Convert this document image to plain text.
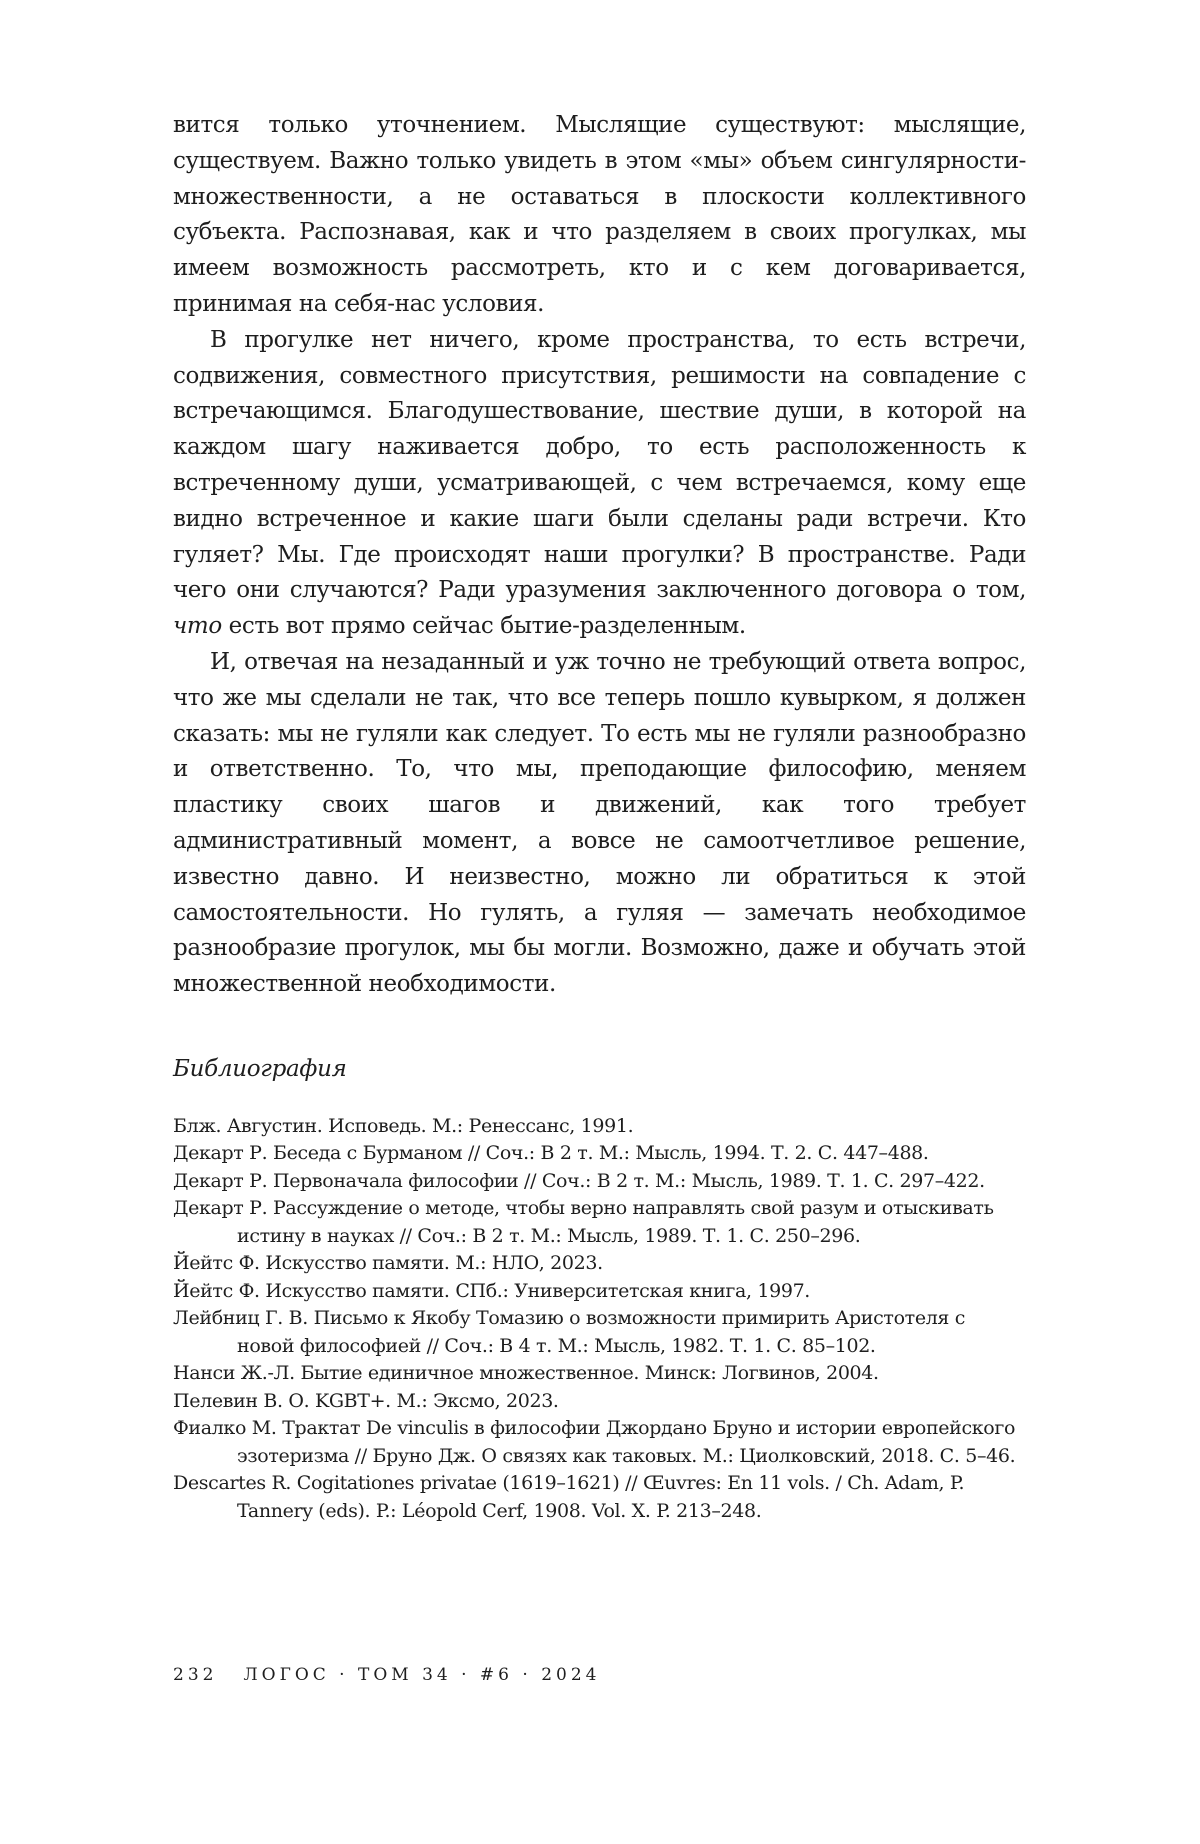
вится только уточнением. Мыслящие существуют: мыслящие, существуем. Важно только увидеть в этом «мы» объем сингулярности-множественности, а не оставаться в плоскости коллективного субъекта. Распознавая, как и что разделяем в своих прогулках, мы имеем возможность рассмотреть, кто и с кем договаривается, принимая на себя-нас условия.

В прогулке нет ничего, кроме пространства, то есть встречи, содвижения, совместного присутствия, решимости на совпадение с встречающимся. Благодушествование, шествие души, в которой на каждом шагу наживается добро, то есть расположенность к встреченному души, усматривающей, с чем встречаемся, кому еще видно встреченное и какие шаги были сделаны ради встречи. Кто гуляет? Мы. Где происходят наши прогулки? В пространстве. Ради чего они случаются? Ради уразумения заключенного договора о том, что есть вот прямо сейчас бытие-разделенным.

И, отвечая на незаданный и уж точно не требующий ответа вопрос, что же мы сделали не так, что все теперь пошло кувырком, я должен сказать: мы не гуляли как следует. То есть мы не гуляли разнообразно и ответственно. То, что мы, преподающие философию, меняем пластику своих шагов и движений, как того требует административный момент, а вовсе не самоотчетливое решение, известно давно. И неизвестно, можно ли обратиться к этой самостоятельности. Но гулять, а гуляя — замечать необходимое разнообразие прогулок, мы бы могли. Возможно, даже и обучать этой множественной необходимости.

Библиография
Блж. Августин. Исповедь. М.: Ренессанс, 1991.
Декарт Р. Беседа с Бурманом // Соч.: В 2 т. М.: Мысль, 1994. Т. 2. С. 447–488.
Декарт Р. Первоначала философии // Соч.: В 2 т. М.: Мысль, 1989. Т. 1. С. 297–422.
Декарт Р. Рассуждение о методе, чтобы верно направлять свой разум и отыскивать истину в науках // Соч.: В 2 т. М.: Мысль, 1989. Т. 1. С. 250–296.
Йейтс Ф. Искусство памяти. М.: НЛО, 2023.
Йейтс Ф. Искусство памяти. СПб.: Университетская книга, 1997.
Лейбниц Г. В. Письмо к Якобу Томазию о возможности примирить Аристотеля с новой философией // Соч.: В 4 т. М.: Мысль, 1982. Т. 1. С. 85–102.
Нанси Ж.-Л. Бытие единичное множественное. Минск: Логвинов, 2004.
Пелевин В. О. KGBT+. М.: Эксмо, 2023.
Фиалко М. Трактат De vinculis в философии Джордано Бруно и истории европейского эзотеризма // Бруно Дж. О связях как таковых. М.: Циолковский, 2018. С. 5–46.
Descartes R. Cogitationes privatae (1619–1621) // Œuvres: En 11 vols. / Ch. Adam, P. Tannery (eds). P.: Léopold Cerf, 1908. Vol. X. P. 213–248.
232 ЛОГОС · ТОМ 34 · #6 · 2024
